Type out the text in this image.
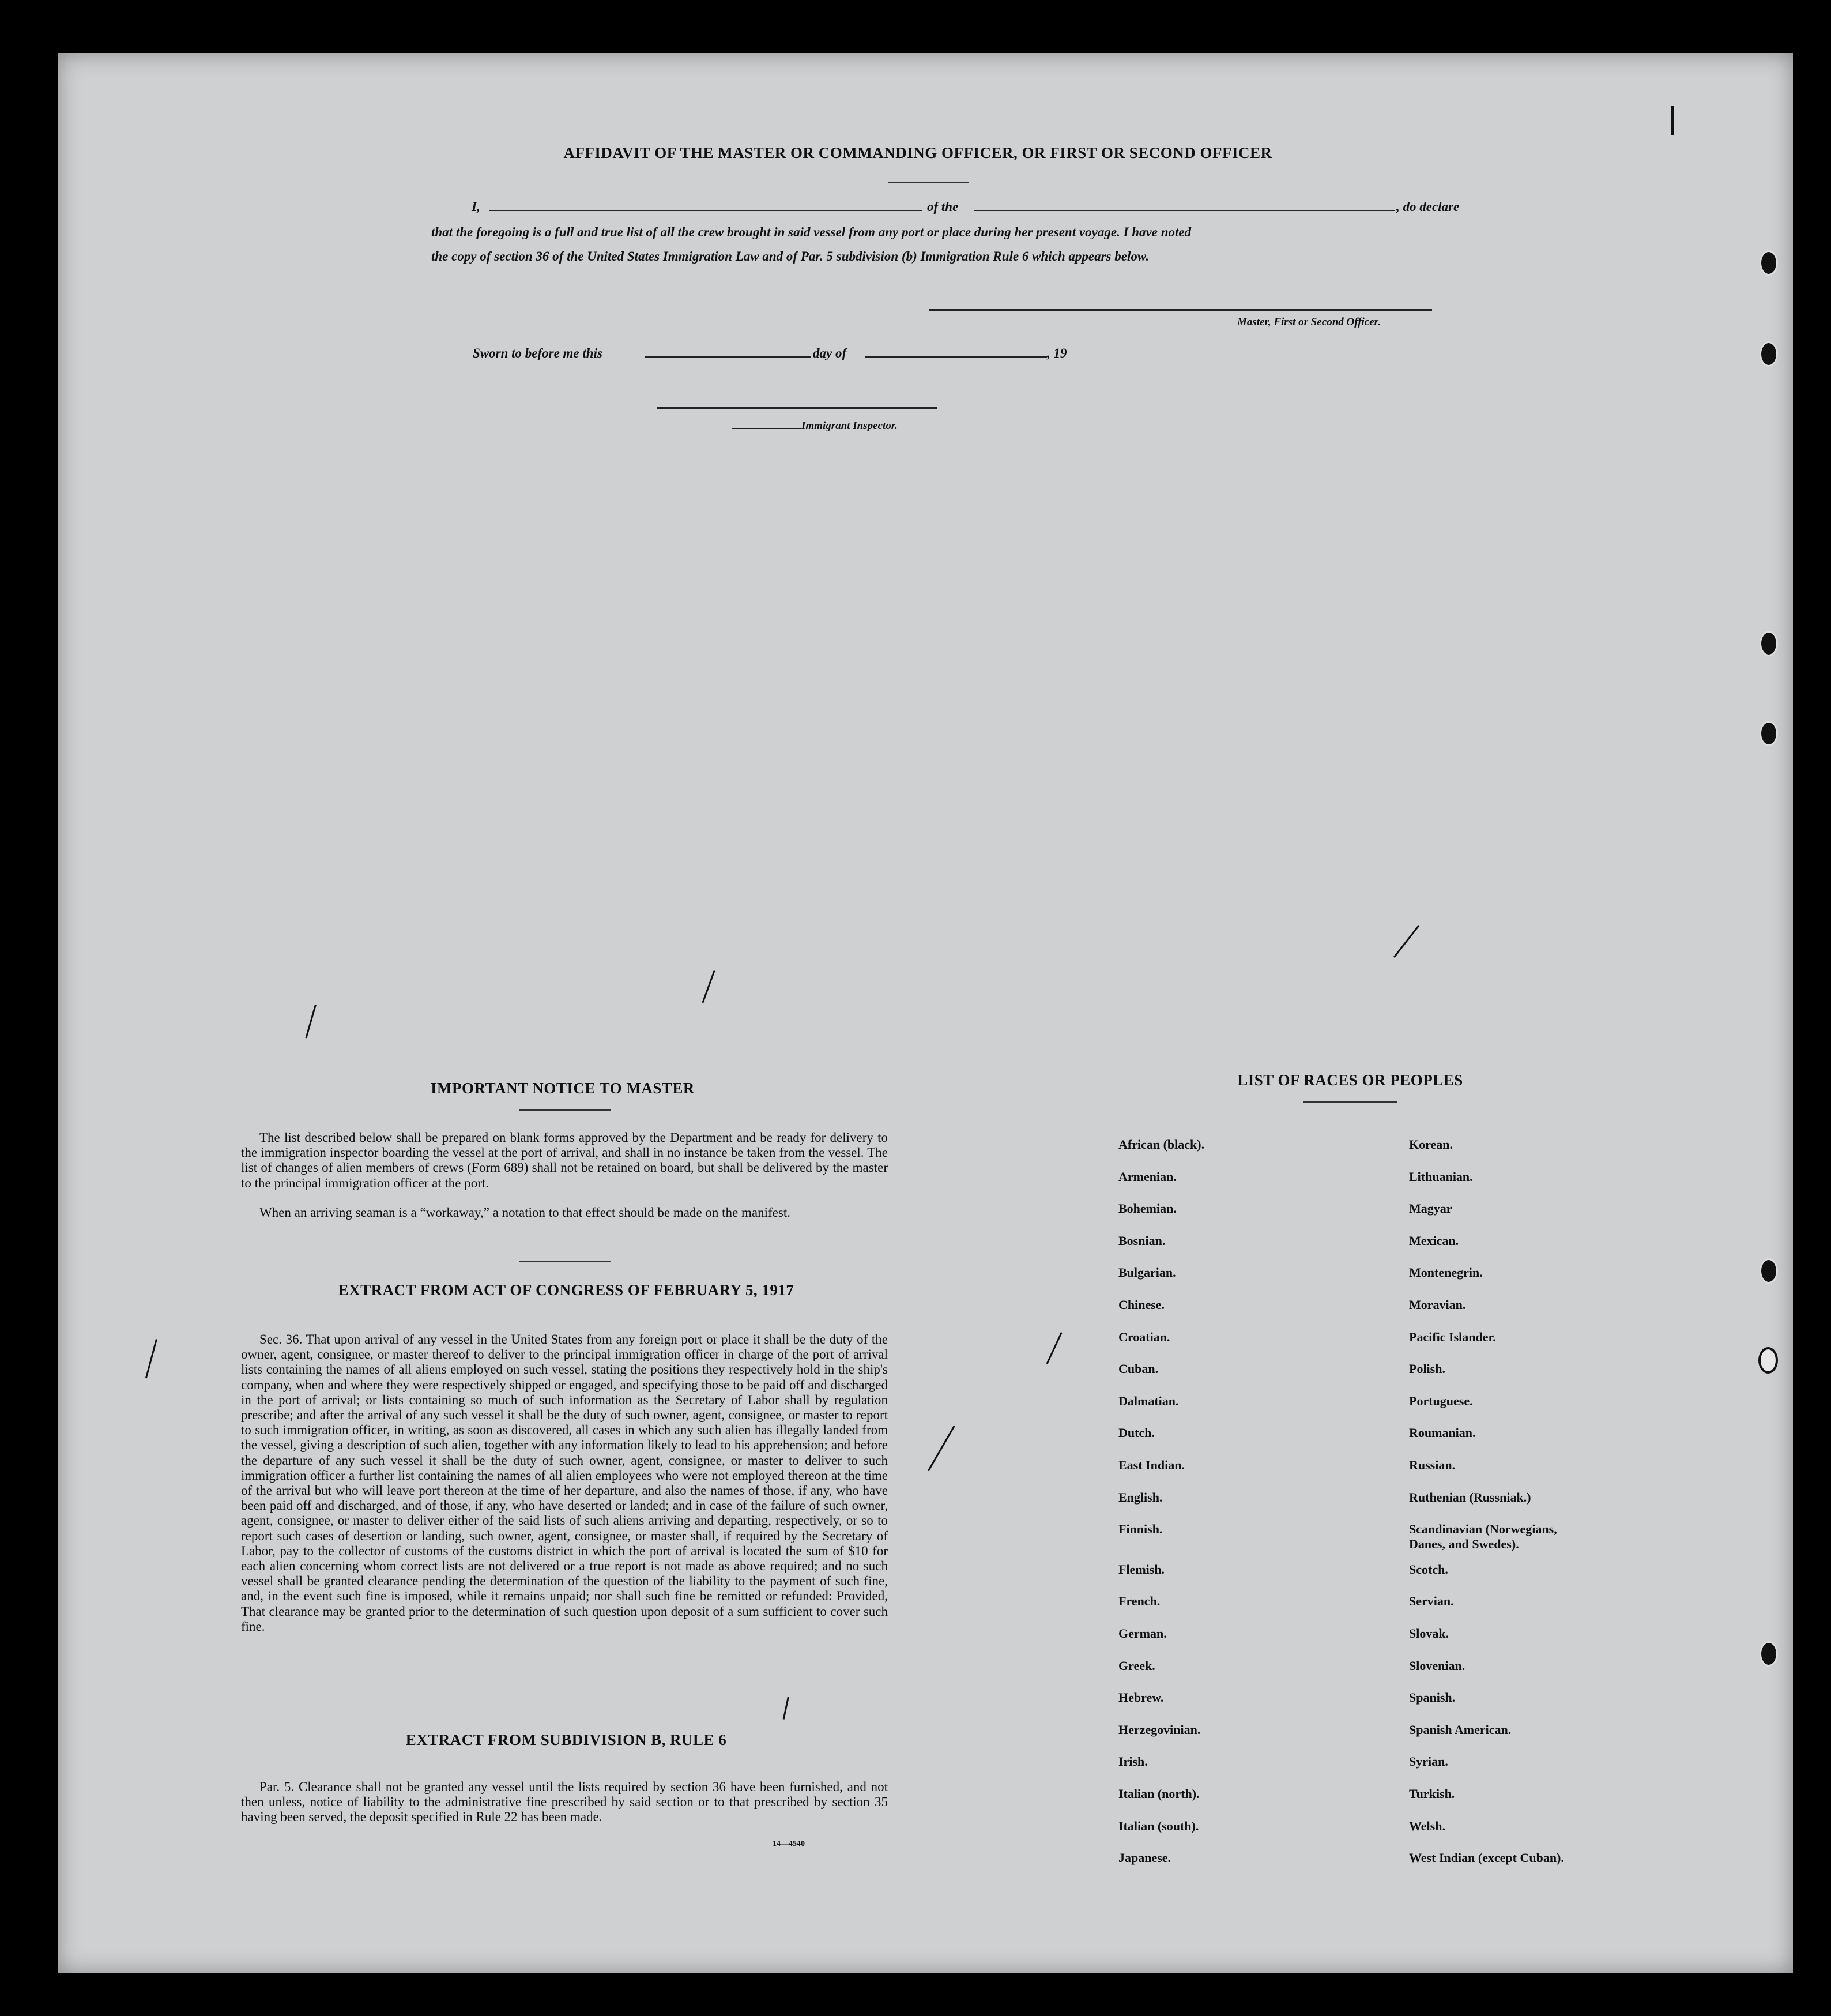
AFFIDAVIT OF THE MASTER OR COMMANDING OFFICER, OR FIRST OR SECOND OFFICER
I,	of the	, do declare
that the foregoing is a full and true list of all the crew brought in said vessel from any port or place during her present voyage. I have noted
the copy of section 36 of the United States Immigration Law and of Par. 5 subdivision (b) Immigration Rule 6 which appears below.
Master, First or Second Officer.
Sworn to before me this	day of	, 19
Immigrant Inspector.
IMPORTANT NOTICE TO MASTER
The list described below shall be prepared on blank forms approved by the Department and be ready for delivery to the immigration inspector boarding the vessel at the port of arrival, and shall in no instance be taken from the vessel. The list of changes of alien members of crews (Form 689) shall not be retained on board, but shall be delivered by the master to the principal immigration officer at the port.
When an arriving seaman is a “workaway,” a notation to that effect should be made on the manifest.
EXTRACT FROM ACT OF CONGRESS OF FEBRUARY 5, 1917
Sec. 36. That upon arrival of any vessel in the United States from any foreign port or place it shall be the duty of the owner, agent, consignee, or master thereof to deliver to the principal immigration officer in charge of the port of arrival lists containing the names of all aliens employed on such vessel, stating the positions they respectively hold in the ship's company, when and where they were respectively shipped or engaged, and specifying those to be paid off and discharged in the port of arrival; or lists containing so much of such information as the Secretary of Labor shall by regulation prescribe; and after the arrival of any such vessel it shall be the duty of such owner, agent, consignee, or master to report to such immigration officer, in writing, as soon as discovered, all cases in which any such alien has illegally landed from the vessel, giving a description of such alien, together with any information likely to lead to his apprehension; and before the departure of any such vessel it shall be the duty of such owner, agent, consignee, or master to deliver to such immigration officer a further list containing the names of all alien employees who were not employed thereon at the time of the arrival but who will leave port thereon at the time of her departure, and also the names of those, if any, who have been paid off and discharged, and of those, if any, who have deserted or landed; and in case of the failure of such owner, agent, consignee, or master to deliver either of the said lists of such aliens arriving and departing, respectively, or so to report such cases of desertion or landing, such owner, agent, consignee, or master shall, if required by the Secretary of Labor, pay to the collector of customs of the customs district in which the port of arrival is located the sum of $10 for each alien concerning whom correct lists are not delivered or a true report is not made as above required; and no such vessel shall be granted clearance pending the determination of the question of the liability to the payment of such fine, and, in the event such fine is imposed, while it remains unpaid; nor shall such fine be remitted or refunded: Provided, That clearance may be granted prior to the determination of such question upon deposit of a sum sufficient to cover such fine.
EXTRACT FROM SUBDIVISION B, RULE 6
Par. 5. Clearance shall not be granted any vessel until the lists required by section 36 have been furnished, and not then unless, notice of liability to the administrative fine prescribed by said section or to that prescribed by section 35 having been served, the deposit specified in Rule 22 has been made.
14—4540
LIST OF RACES OR PEOPLES
African (black).
Armenian.
Bohemian.
Bosnian.
Bulgarian.
Chinese.
Croatian.
Cuban.
Dalmatian.
Dutch.
East Indian.
English.
Finnish.
Flemish.
French.
German.
Greek.
Hebrew.
Herzegovinian.
Irish.
Italian (north).
Italian (south).
Japanese.
Korean.
Lithuanian.
Magyar
Mexican.
Montenegrin.
Moravian.
Pacific Islander.
Polish.
Portuguese.
Roumanian.
Russian.
Ruthenian (Russniak.)
Scandinavian (Norwegians, Danes, and Swedes).
Scotch.
Servian.
Slovak.
Slovenian.
Spanish.
Spanish American.
Syrian.
Turkish.
Welsh.
West Indian (except Cuban).
